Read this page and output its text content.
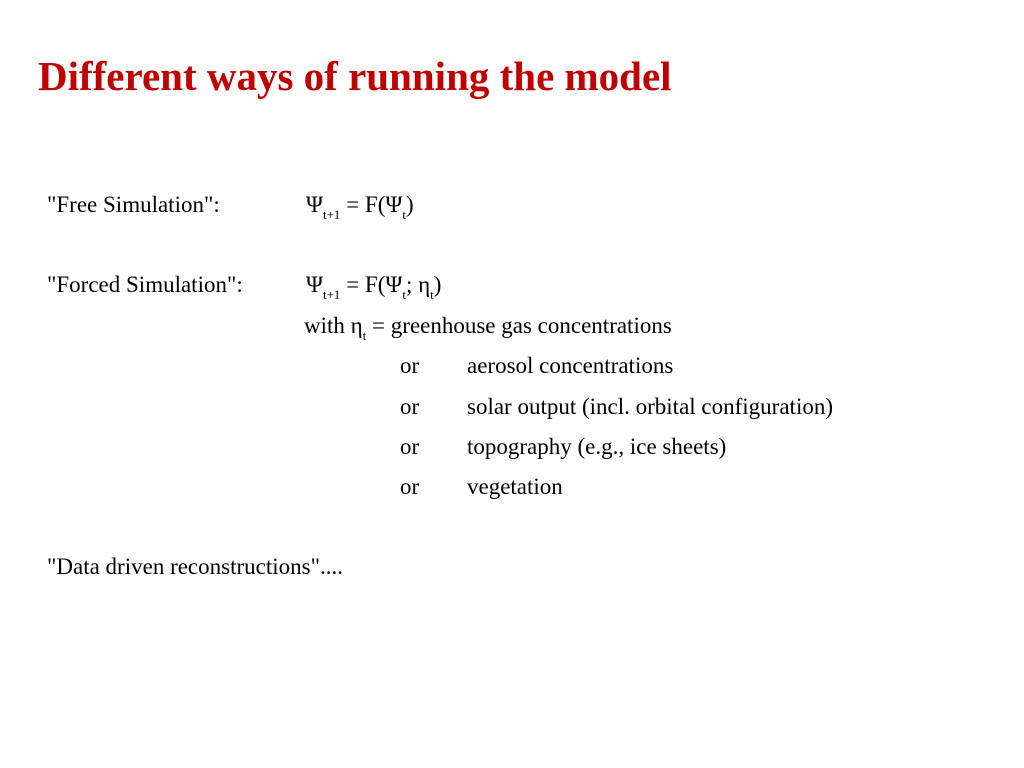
Different ways of running the model
"Free Simulation":	$\Psi_{t+1} = F(\Psi_t)$
"Forced Simulation":	$\Psi_{t+1} = F(\Psi_t$; $\eta_t$)
with $\eta_t$ = greenhouse gas concentrations
or aerosol concentrations
or solar output (incl. orbital configuration)
or topography (e.g., ice sheets)
or vegetation
"Data driven reconstructions"....
